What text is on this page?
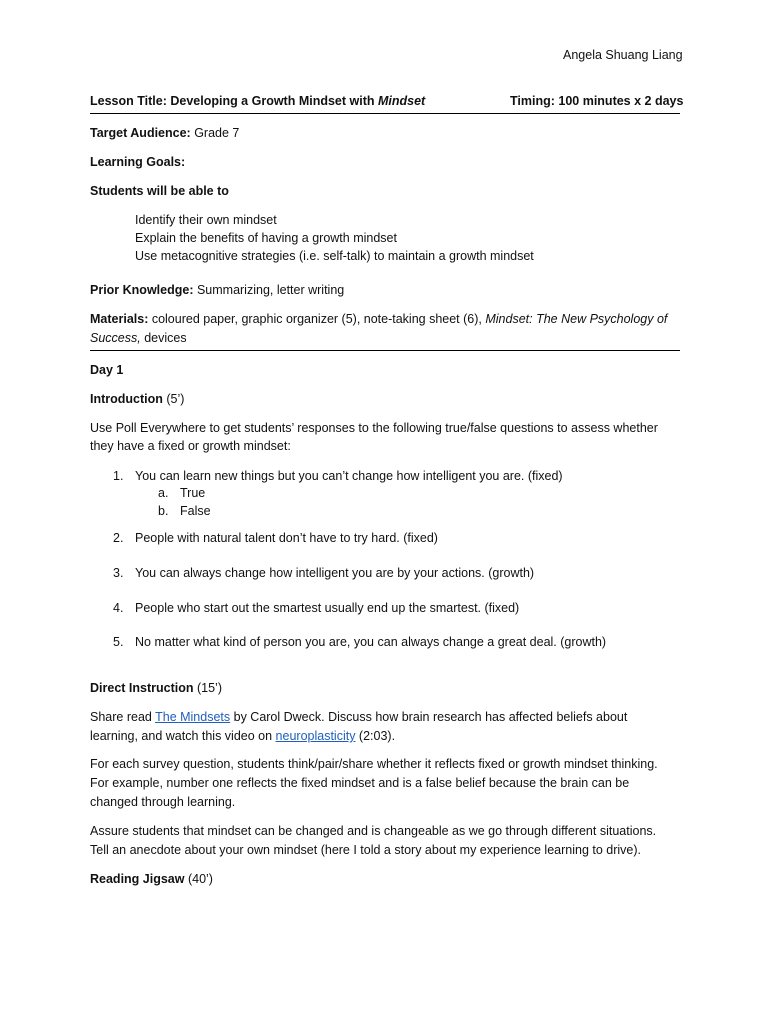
Angela Shuang Liang
Lesson Title: Developing a Growth Mindset with Mindset	Timing: 100 minutes x 2 days
Target Audience: Grade 7
Learning Goals:
Students will be able to
Identify their own mindset
Explain the benefits of having a growth mindset
Use metacognitive strategies (i.e. self-talk) to maintain a growth mindset
Prior Knowledge: Summarizing, letter writing
Materials: coloured paper, graphic organizer (5), note-taking sheet (6), Mindset: The New Psychology of
Success, devices
Day 1
Introduction (5’)
Use Poll Everywhere to get students’ responses to the following true/false questions to assess whether
they have a fixed or growth mindset:
1. You can learn new things but you can’t change how intelligent you are. (fixed)
a. True
b. False
2. People with natural talent don’t have to try hard. (fixed)
3. You can always change how intelligent you are by your actions. (growth)
4. People who start out the smartest usually end up the smartest. (fixed)
5. No matter what kind of person you are, you can always change a great deal. (growth)
Direct Instruction (15’)
Share read The Mindsets by Carol Dweck. Discuss how brain research has affected beliefs about
learning, and watch this video on neuroplasticity (2:03).
For each survey question, students think/pair/share whether it reflects fixed or growth mindset thinking.
For example, number one reflects the fixed mindset and is a false belief because the brain can be
changed through learning.
Assure students that mindset can be changed and is changeable as we go through different situations.
Tell an anecdote about your own mindset (here I told a story about my experience learning to drive).
Reading Jigsaw (40’)
